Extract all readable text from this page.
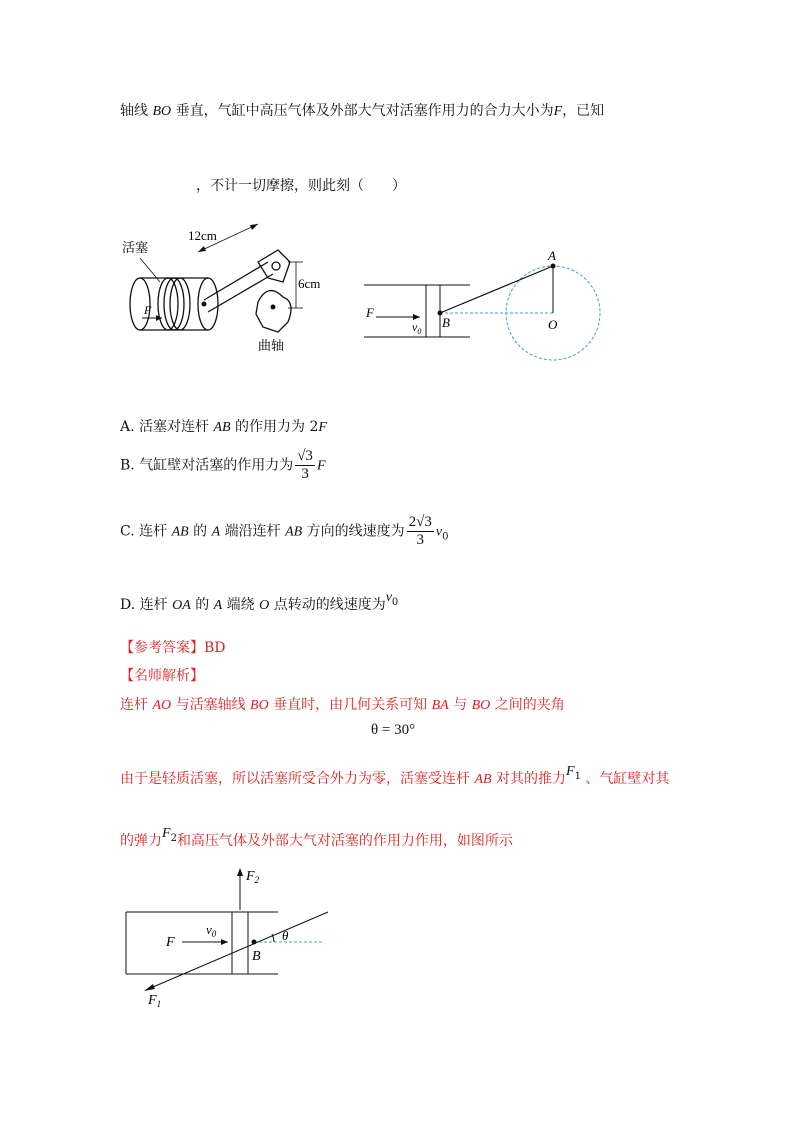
轴线 BO 垂直，气缸中高压气体及外部大气对活塞作用力的合力大小为F，已知
，不计一切摩擦，则此刻（　　）
活塞
12cm
6cm
曲轴
F
A
B	O
F
$v_0$
A. 活塞对连杆 AB 的作用力为 2F
B. 气缸壁对活塞的作用力为 $\frac{√3}{3}$ F
C. 连杆 AB 的 A 端沿连杆 AB 方向的线速度为 $\frac{2√3}{3} v_0$
D. 连杆 OA 的 A 端绕 O 点转动的线速度为$v_0$
【参考答案】BD
【名师解析】
连杆 AO 与活塞轴线 BO 垂直时，由几何关系可知 BA 与 BO 之间的夹角
θ = 30°
由于是轻质活塞，所以活塞所受合外力为零，活塞受连杆 AB 对其的推力$F_1$ 、气缸壁对其
的弹力$F_2$和高压气体及外部大气对活塞的作用力作用，如图所示
$F_2$
F
$v_0$	θ
B
$F_1$
